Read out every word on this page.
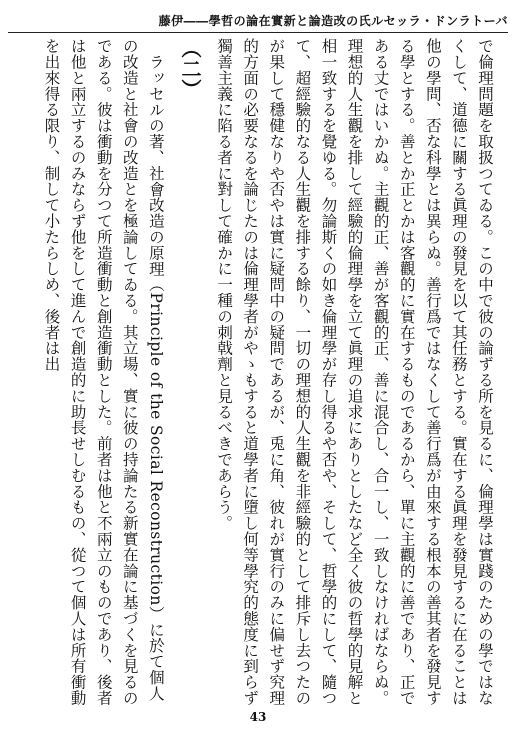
バートランド・ラッセル氏の改造論と新實在論の哲學――伊藤

で倫理問題を取扱つてゐる。この中で彼の論ずる所を見るに、倫理學は實踐のための學ではなくして、道德に關する眞理の發見を以て其任務とする。實在する眞理を發見するに在ることは他の學問、否な科學とは異らぬ。善行爲ではなくして善行爲が由來する根本の善其者を發見する學とする。善とか正とかは客觀的に實在するものであるから、單に主觀的に善であり、正である丈ではいかぬ。主觀的正、善が客觀的正、善に混合し、合一し、一致しなければならぬ。理想的人生觀を排して經驗的倫理學を立て眞理の追求にありとしたなど全く彼の哲學的見解と相一致するを覺ゆる。勿論斯くの如き倫理學が存し得るや否や、そして、哲學的にして、隨つて、超經驗的なる人生觀を排する餘り、一切の理想的人生觀を非經驗的として排斥し去つたのが果して穩健なりや否やは實に疑問中の疑問であるが、兎に角、彼れが實行のみに偏せず究理的方面の必要なるを論じたのは倫理學者がやゝもすると道學者に墮し何等學究的態度に到らず獨善主義に陷る者に對して確かに一種の刺戟劑と見るべきであらう。

（二）

ラッセルの著、社會改造の原理（Principle of the Social Reconstruction）に於て個人の改造と社會の改造とを極論してゐる。其立場、實に彼の持論たる新實在論に基づくを見るのである。彼は衝動を分つて所造衝動と創造衝動とした。前者は他と不兩立のものであり、後者は他と兩立するのみならず他をして進んで創造的に助長せしむるもの、從つて個人は所有衝動を出來得る限り、制して小たらしめ、後者は出

43
